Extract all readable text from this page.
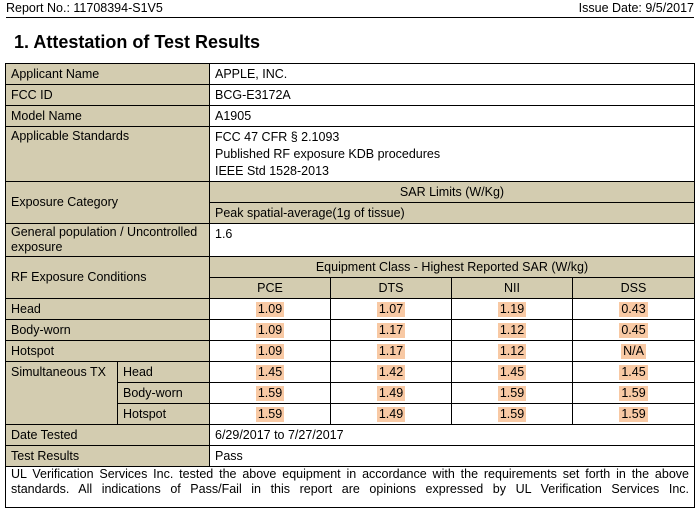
Report No.: 11708394-S1V5	Issue Date: 9/5/2017
1. Attestation of Test Results
Applicant Name		APPLE, INC.			
FCC ID		BCG-E3172A			
Model Name		A1905			
Applicable Standards		FCC 47 CFR § 2.1093
Published RF exposure KDB procedures
IEEE Std 1528-2013			

Exposure Category		SAR Limits (W/Kg)			
		Peak spatial-average(1g of tissue)			
General population / Uncontrolled exposure		1.6			
RF Exposure Conditions		Equipment Class - Highest Reported SAR (W/kg)			
		PCE	DTS	NII	DSS
Head		1.09	1.07	1.19	0.43
Body-worn		1.09	1.17	1.12	0.45
Hotspot		1.09	1.17	1.12	N/A
Simultaneous TX	Head	1.45	1.42	1.45	1.45
	Body-worn	1.59	1.49	1.59	1.59
	Hotspot	1.59	1.49	1.59	1.59
Date Tested		6/29/2017 to 7/27/2017			
Test Results		Pass			
UL Verification Services Inc. tested the above equipment in accordance with the requirements set forth in the above standards. All indications of Pass/Fail in this report are opinions expressed by UL Verification Services Inc.					
